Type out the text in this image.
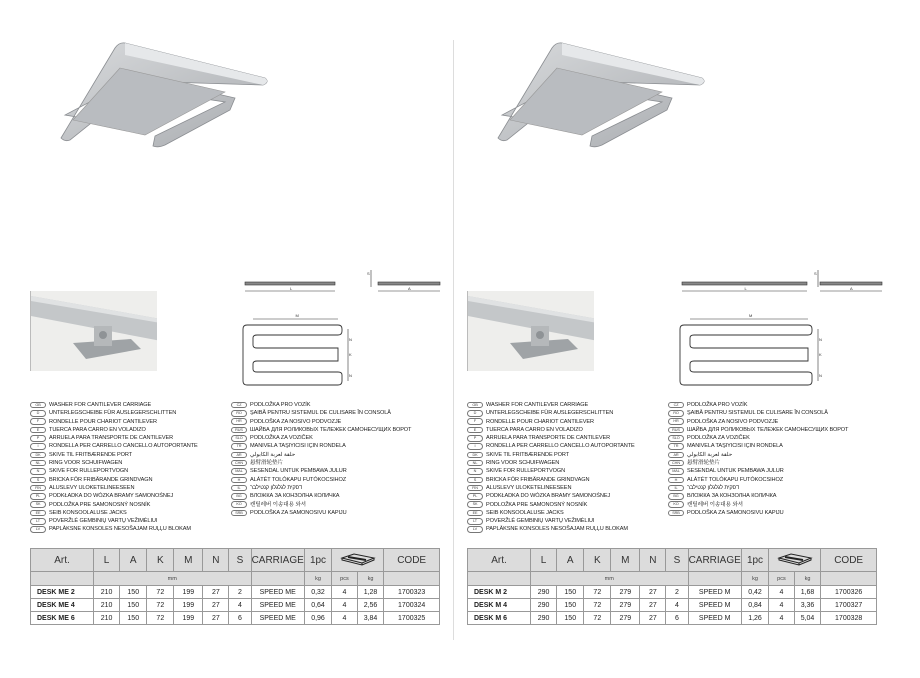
L	A
S
M
N
K
N
GB	WASHER FOR CANTILEVER CARRIAGE
D	UNTERLEGSCHEIBE FÜR AUSLEGERSCHLITTEN
F	RONDELLE POUR CHARIOT CANTILEVER
E	TUERCA PARA CARRO EN VOLADIZO
P	ARRUELA PARA TRANSPORTE DE CANTILEVER
I	RONDELLA PER CARRELLO CANCELLO AUTOPORTANTE
DK	SKIVE TIL FRITBÆRENDE PORT
NL	RING VOOR SCHUIFWAGEN
N	SKIVE FOR RULLEPORTVOGN
S	BRICKA FÖR FRIBÄRANDE GRINDVAGN
FIN	ALUSLEVY ULOKETELINEESEEN
PL	PODKŁADKA DO WÓZKA BRAMY SAMONOŚNEJ
SK	PODLOŽKA PRE SAMONOSNÝ NOSNÍK
EE	SEIB KONSOOLALUSE JACKS
LT	POVERŽLĖ GEMBINIŲ VARTŲ VEŽIMĖLIUI
LV	PAPLĀKSNE KONSOLES NESOŠAJAM RUĻĻU BLOKAM
CZ	PODLOŽKA PRO VOZÍK
RO	ŞAIBĂ PENTRU SISTEMUL DE CULISARE ÎN CONSOLĂ
HR	PODLOŠKA ZA NOSIVO PODVOZJE
RUS	ШАЙБА ДЛЯ РОЛИКОВЫХ ТЕЛЕЖЕК САМОНЕСУЩИХ ВОРОТ
SLO	PODLOŽKA ZA VOZIČEK
TR	MANIVELA TAŞIYICISI IÇIN RONDELA
AR	حلقة لعربة الكابولي
CHN	悬臂滑轮垫片
MAL	SESENDAL UNTUK PEMBAWA JULUR
H	ALÁTÉT TOLÓKAPU FUTÓKOCSIHOZ
IL	דסקית לגלגלון קנטילבר
BG	ВЛОЖКА ЗА КОНЗОЛНА КОЛИЧКА
KO	캔틸레버 이송대용 와셔
SRB	PODLOŠKA ZA SAMONOSIVU KAPIJU
Art.	L	A	K	M	N	S	CARRIAGE	1pc			CODE
	mm							kg	pcs	kg	
DESK ME 2	210	150	72	199	27	2	SPEED ME	0,32	4	1,28	1700323
DESK ME 4	210	150	72	199	27	4	SPEED ME	0,64	4	2,56	1700324
DESK ME 6	210	150	72	199	27	6	SPEED ME	0,96	4	3,84	1700325
L	A
S
M
N
K
N
GB	WASHER FOR CANTILEVER CARRIAGE
D	UNTERLEGSCHEIBE FÜR AUSLEGERSCHLITTEN
F	RONDELLE POUR CHARIOT CANTILEVER
E	TUERCA PARA CARRO EN VOLADIZO
P	ARRUELA PARA TRANSPORTE DE CANTILEVER
I	RONDELLA PER CARRELLO CANCELLO AUTOPORTANTE
DK	SKIVE TIL FRITBÆRENDE PORT
NL	RING VOOR SCHUIFWAGEN
N	SKIVE FOR RULLEPORTVOGN
S	BRICKA FÖR FRIBÄRANDE GRINDVAGN
FIN	ALUSLEVY ULOKETELINEESEEN
PL	PODKŁADKA DO WÓZKA BRAMY SAMONOŚNEJ
SK	PODLOŽKA PRE SAMONOSNÝ NOSNÍK
EE	SEIB KONSOOLALUSE JACKS
LT	POVERŽLĖ GEMBINIŲ VARTŲ VEŽIMĖLIUI
LV	PAPLĀKSNE KONSOLES NESOŠAJAM RUĻĻU BLOKAM
CZ	PODLOŽKA PRO VOZÍK
RO	ŞAIBĂ PENTRU SISTEMUL DE CULISARE ÎN CONSOLĂ
HR	PODLOŠKA ZA NOSIVO PODVOZJE
RUS	ШАЙБА ДЛЯ РОЛИКОВЫХ ТЕЛЕЖЕК САМОНЕСУЩИХ ВОРОТ
SLO	PODLOŽKA ZA VOZIČEK
TR	MANIVELA TAŞIYICISI IÇIN RONDELA
AR	حلقة لعربة الكابولي
CHN	悬臂滑轮垫片
MAL	SESENDAL UNTUK PEMBAWA JULUR
H	ALÁTÉT TOLÓKAPU FUTÓKOCSIHOZ
IL	דסקית לגלגלון קנטילבר
BG	ВЛОЖКА ЗА КОНЗОЛНА КОЛИЧКА
KO	캔틸레버 이송대용 와셔
SRB	PODLOŠKA ZA SAMONOSIVU KAPIJU
Art.	L	A	K	M	N	S	CARRIAGE	1pc			CODE
	mm							kg	pcs	kg	
DESK M 2	290	150	72	279	27	2	SPEED M	0,42	4	1,68	1700326
DESK M 4	290	150	72	279	27	4	SPEED M	0,84	4	3,36	1700327
DESK M 6	290	150	72	279	27	6	SPEED M	1,26	4	5,04	1700328
